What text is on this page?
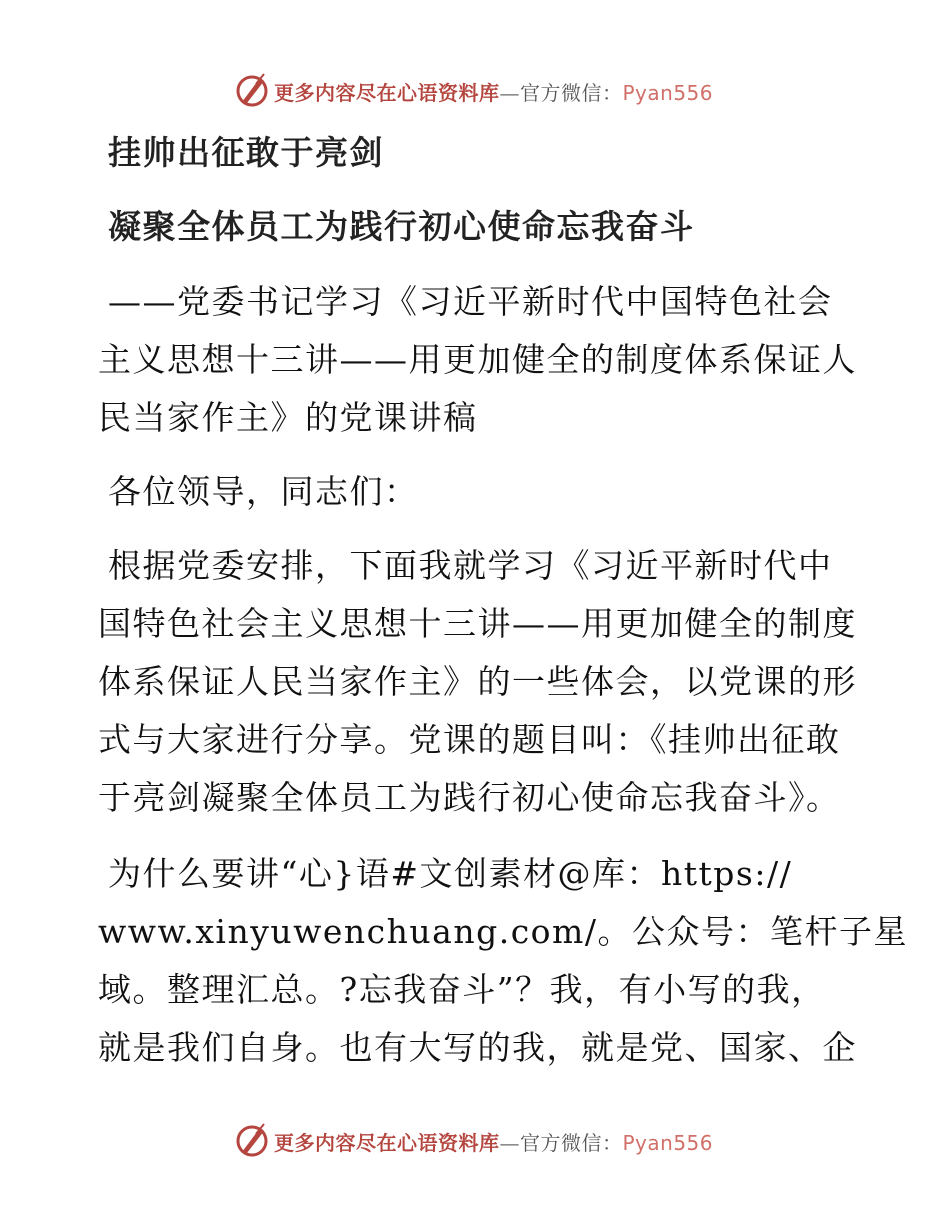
更多内容尽在心语资料库—官方微信：Pyan556
挂帅出征敢于亮剑
凝聚全体员工为践行初心使命忘我奋斗
——党委书记学习《习近平新时代中国特色社会
主义思想十三讲——用更加健全的制度体系保证人
民当家作主》的党课讲稿
各位领导，同志们：
根据党委安排，下面我就学习《习近平新时代中
国特色社会主义思想十三讲——用更加健全的制度
体系保证人民当家作主》的一些体会，以党课的形
式与大家进行分享。党课的题目叫：《挂帅出征敢
于亮剑凝聚全体员工为践行初心使命忘我奋斗》。
为什么要讲“心}语#文创素材@库：https://
www.xinyuwenchuang.com/。公众号：笔杆子星
域。整理汇总。?忘我奋斗”？我，有小写的我，
就是我们自身。也有大写的我，就是党、国家、企
更多内容尽在心语资料库—官方微信：Pyan556
